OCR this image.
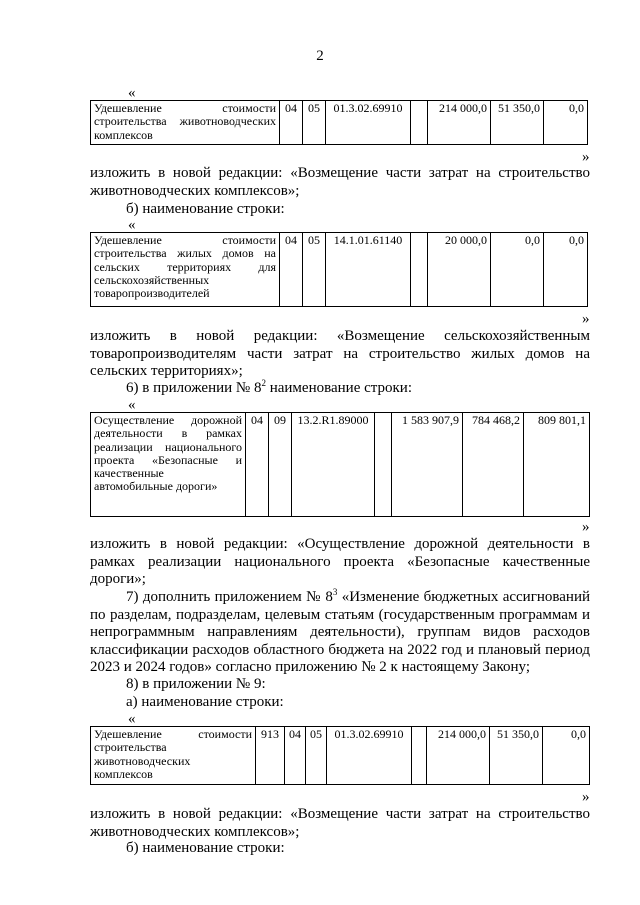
2
«
Удешевление стоимости строительства животноводческих комплексов	04	05	01.3.02.69910		214 000,0	51 350,0	0,0
»
изложить в новой редакции: «Возмещение части затрат на строительство животноводческих комплексов»;
б) наименование строки:
«
Удешевление стоимости строительства жилых домов на сельских территориях для сельскохозяйственных товаропроизводителей	04	05	14.1.01.61140		20 000,0	0,0	0,0
»
изложить в новой редакции: «Возмещение сельскохозяйственным товаропроизводителям части затрат на строительство жилых домов на сельских территориях»;
6) в приложении № $8^2$ наименование строки:
«
Осуществление дорожной деятельности в рамках реализации национального проекта «Безопасные и качественные автомобильные дороги»	04	09	13.2.R1.89000		1 583 907,9	784 468,2	809 801,1
»
изложить в новой редакции: «Осуществление дорожной деятельности в рамках реализации национального проекта «Безопасные качественные дороги»;
7) дополнить приложением № $8^3$ «Изменение бюджетных ассигнований по разделам, подразделам, целевым статьям (государственным программам и непрограммным направлениям деятельности), группам видов расходов классификации расходов областного бюджета на 2022 год и плановый период 2023 и 2024 годов» согласно приложению № 2 к настоящему Закону;
8) в приложении № 9:
а) наименование строки:
«
Удешевление стоимости строительства животноводческих комплексов	913	04	05	01.3.02.69910		214 000,0	51 350,0	0,0
»
изложить в новой редакции: «Возмещение части затрат на строительство животноводческих комплексов»;
б) наименование строки:
